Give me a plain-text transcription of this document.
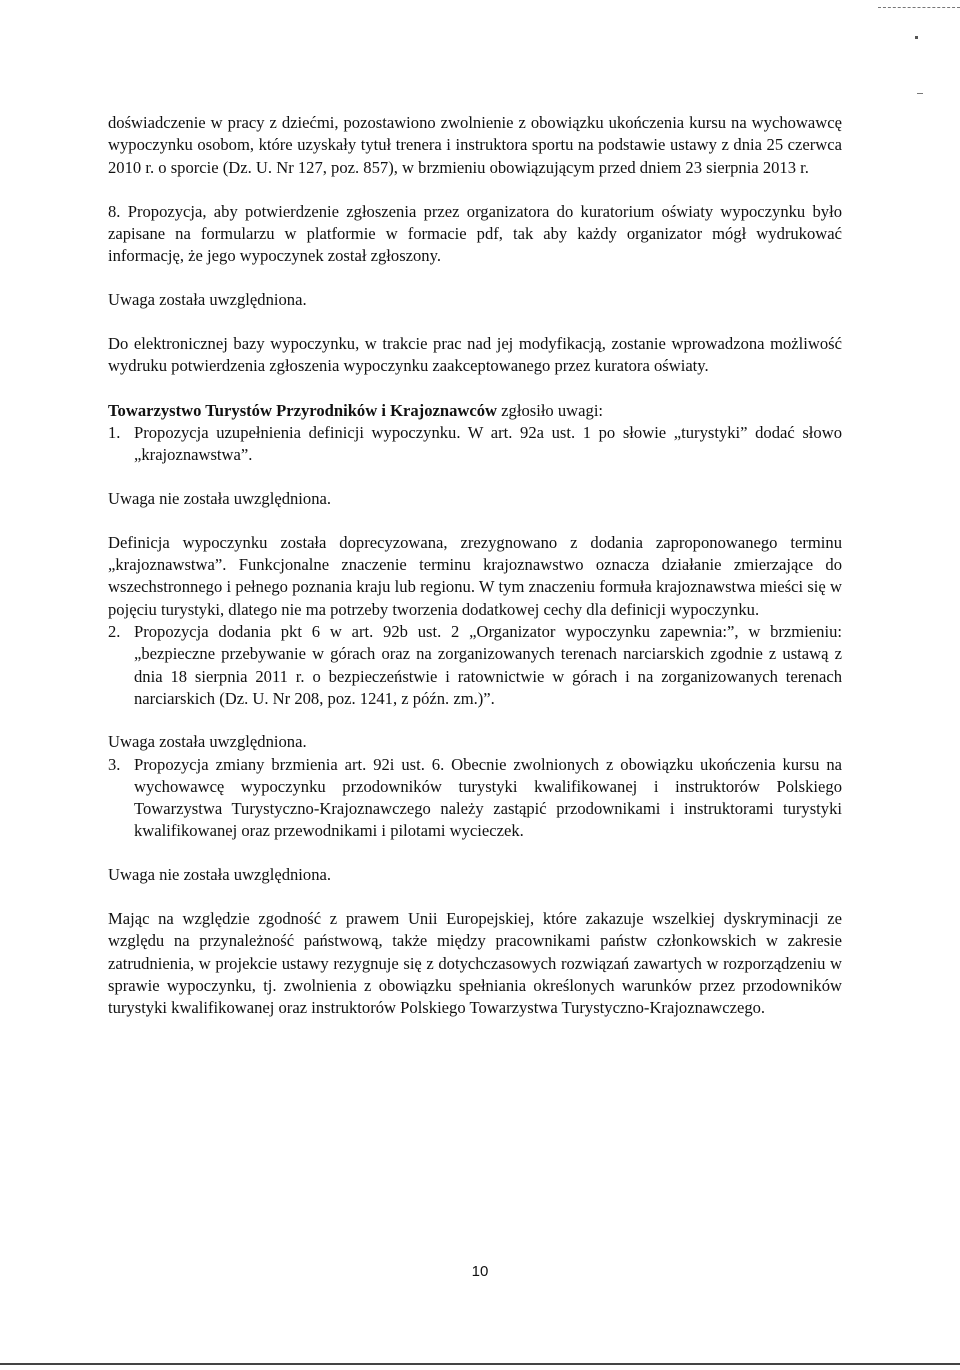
doświadczenie w pracy z dziećmi, pozostawiono zwolnienie z obowiązku ukończenia kursu na wychowawcę wypoczynku osobom, które uzyskały tytuł trenera i instruktora sportu na podstawie ustawy z dnia 25 czerwca 2010 r. o sporcie (Dz. U. Nr 127, poz. 857), w brzmieniu obowiązującym przed dniem 23 sierpnia 2013 r.

8. Propozycja, aby potwierdzenie zgłoszenia przez organizatora do kuratorium oświaty wypoczynku było zapisane na formularzu w platformie w formacie pdf, tak aby każdy organizator mógł wydrukować informację, że jego wypoczynek został zgłoszony.

Uwaga została uwzględniona.

Do elektronicznej bazy wypoczynku, w trakcie prac nad jej modyfikacją, zostanie wprowadzona możliwość wydruku potwierdzenia zgłoszenia wypoczynku zaakceptowanego przez kuratora oświaty.

Towarzystwo Turystów Przyrodników i Krajoznawców zgłosiło uwagi:

1. Propozycja uzupełnienia definicji wypoczynku. W art. 92a ust. 1 po słowie „turystyki” dodać słowo „krajoznawstwa”.

Uwaga nie została uwzględniona.

Definicja wypoczynku została doprecyzowana, zrezygnowano z dodania zaproponowanego terminu „krajoznawstwa”. Funkcjonalne znaczenie terminu krajoznawstwo oznacza działanie zmierzające do wszechstronnego i pełnego poznania kraju lub regionu. W tym znaczeniu formuła krajoznawstwa mieści się w pojęciu turystyki, dlatego nie ma potrzeby tworzenia dodatkowej cechy dla definicji wypoczynku.

2. Propozycja dodania pkt 6 w art. 92b ust. 2 „Organizator wypoczynku zapewnia:”, w brzmieniu: „bezpieczne przebywanie w górach oraz na zorganizowanych terenach narciarskich zgodnie z ustawą z dnia 18 sierpnia 2011 r. o bezpieczeństwie i ratownictwie w górach i na zorganizowanych terenach narciarskich (Dz. U. Nr 208, poz. 1241, z późn. zm.)”.

Uwaga została uwzględniona.

3. Propozycja zmiany brzmienia art. 92i ust. 6. Obecnie zwolnionych z obowiązku ukończenia kursu na wychowawcę wypoczynku przodowników turystyki kwalifikowanej i instruktorów Polskiego Towarzystwa Turystyczno-Krajoznawczego należy zastąpić przodownikami i instruktorami turystyki kwalifikowanej oraz przewodnikami i pilotami wycieczek.

Uwaga nie została uwzględniona.

Mając na względzie zgodność z prawem Unii Europejskiej, które zakazuje wszelkiej dyskryminacji ze względu na przynależność państwową, także między pracownikami państw członkowskich w zakresie zatrudnienia, w projekcie ustawy rezygnuje się z dotychczasowych rozwiązań zawartych w rozporządzeniu w sprawie wypoczynku, tj. zwolnienia z obowiązku spełniania określonych warunków przez przodowników turystyki kwalifikowanej oraz instruktorów Polskiego Towarzystwa Turystyczno-Krajoznawczego.

10
